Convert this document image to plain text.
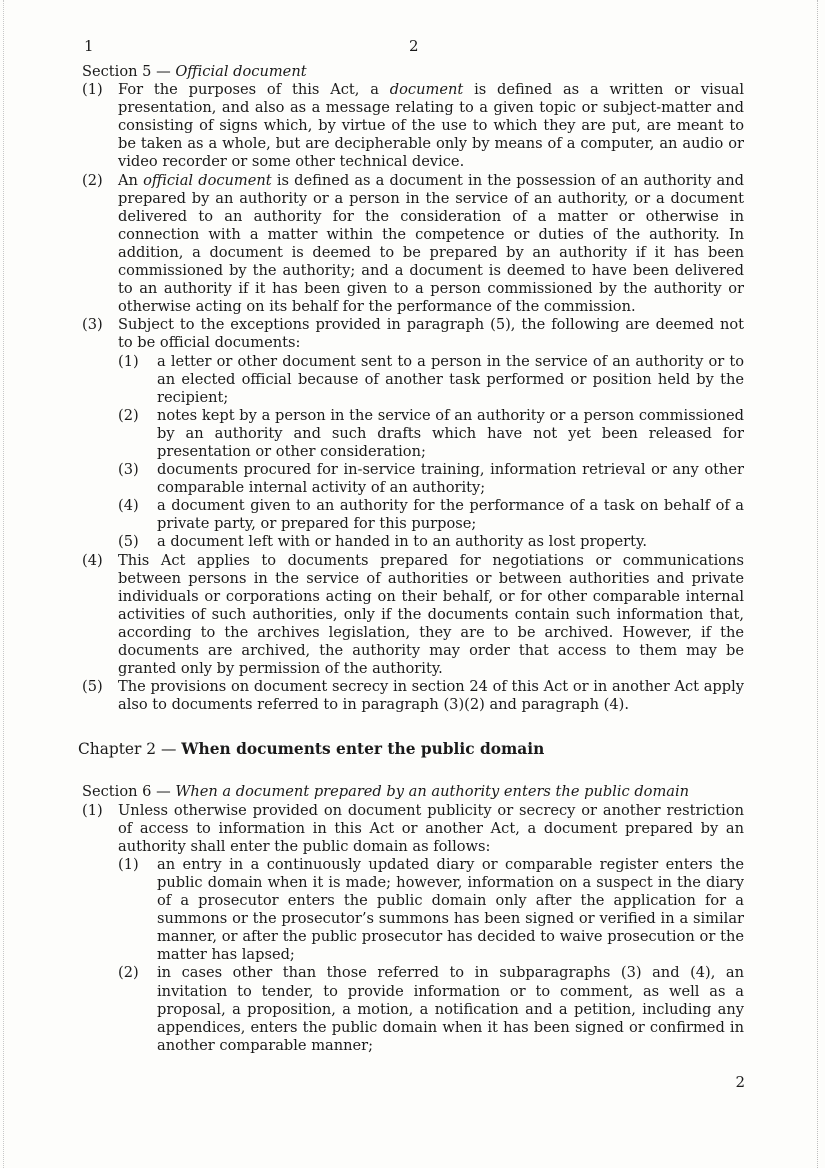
1	2

Section 5 — Official document

(1) For the purposes of this Act, a document is defined as a written or visual presentation, and also as a message relating to a given topic or subject-matter and consisting of signs which, by virtue of the use to which they are put, are meant to be taken as a whole, but are decipherable only by means of a computer, an audio or video recorder or some other technical device.

(2) An official document is defined as a document in the possession of an authority and prepared by an authority or a person in the service of an authority, or a document delivered to an authority for the consideration of a matter or otherwise in connection with a matter within the competence or duties of the authority. In addition, a document is deemed to be prepared by an authority if it has been commissioned by the authority; and a document is deemed to have been delivered to an authority if it has been given to a person commissioned by the authority or otherwise acting on its behalf for the performance of the commission.

(3) Subject to the exceptions provided in paragraph (5), the following are deemed not to be official documents:

(1) a letter or other document sent to a person in the service of an authority or to an elected official because of another task performed or position held by the recipient;

(2) notes kept by a person in the service of an authority or a person commissioned by an authority and such drafts which have not yet been released for presentation or other consideration;

(3) documents procured for in-service training, information retrieval or any other comparable internal activity of an authority;

(4) a document given to an authority for the performance of a task on behalf of a private party, or prepared for this purpose;

(5) a document left with or handed in to an authority as lost property.

(4) This Act applies to documents prepared for negotiations or communications between persons in the service of authorities or between authorities and private individuals or corporations acting on their behalf, or for other comparable internal activities of such authorities, only if the documents contain such information that, according to the archives legislation, they are to be archived. However, if the documents are archived, the authority may order that access to them may be granted only by permission of the authority.

(5) The provisions on document secrecy in section 24 of this Act or in another Act apply also to documents referred to in paragraph (3)(2) and paragraph (4).

Chapter 2 — When documents enter the public domain

Section 6 — When a document prepared by an authority enters the public domain

(1) Unless otherwise provided on document publicity or secrecy or another restriction of access to information in this Act or another Act, a document prepared by an authority shall enter the public domain as follows:

(1) an entry in a continuously updated diary or comparable register enters the public domain when it is made; however, information on a suspect in the diary of a prosecutor enters the public domain only after the application for a summons or the prosecutor’s summons has been signed or verified in a similar manner, or after the public prosecutor has decided to waive prosecution or the matter has lapsed;

(2) in cases other than those referred to in subparagraphs (3) and (4), an invitation to tender, to provide information or to comment, as well as a proposal, a proposition, a motion, a notification and a petition, including any appendices, enters the public domain when it has been signed or confirmed in another comparable manner;

2
